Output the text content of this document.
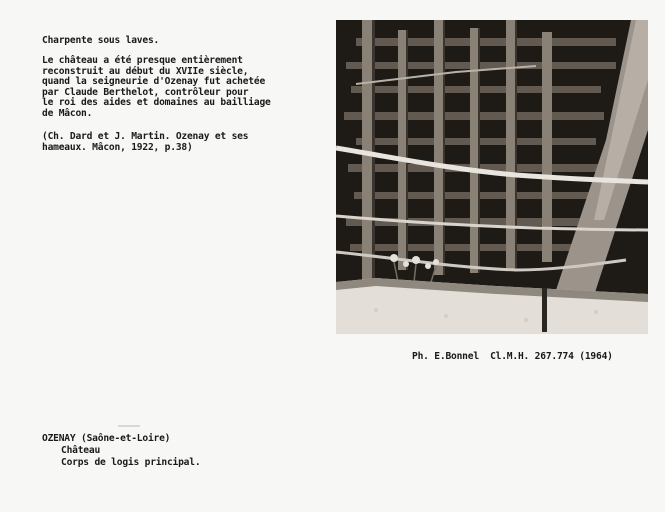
Charpente sous laves.
Le château a été presque entièrement
reconstruit au début du XVIIe siècle,
quand la seigneurie d'Ozenay fut achetée
par Claude Berthelot, contrôleur pour
le roi des aides et domaines au bailliage
de Mâcon.
(Ch. Dard et J. Martin. Ozenay et ses
hameaux. Mâcon, 1922, p.38)
Ph. E.Bonnel  Cl.M.H. 267.774 (1964)
OZENAY (Saône-et-Loire)
Château
Corps de logis principal.
